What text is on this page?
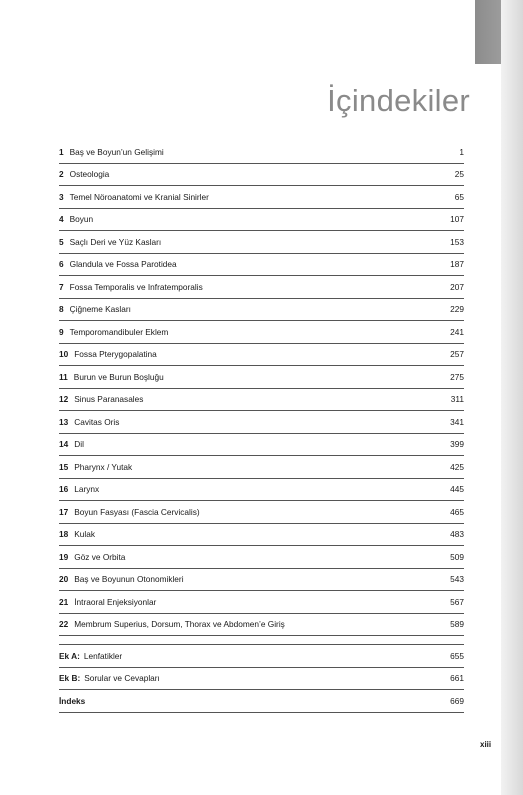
İçindekiler
1 Baş ve Boyun’un Gelişimi	1
2 Osteologia	25
3 Temel Nöroanatomi ve Kranial Sinirler	65
4 Boyun	107
5 Saçlı Deri ve Yüz Kasları	153
6 Glandula ve Fossa Parotidea	187
7 Fossa Temporalis ve Infratemporalis	207
8 Çiğneme Kasları	229
9 Temporomandibuler Eklem	241
10 Fossa Pterygopalatina	257
11 Burun ve Burun Boşluğu	275
12 Sinus Paranasales	311
13 Cavitas Oris	341
14 Dil	399
15 Pharynx / Yutak	425
16 Larynx	445
17 Boyun Fasyası (Fascia Cervicalis)	465
18 Kulak	483
19 Göz ve Orbita	509
20 Baş ve Boyunun Otonomikleri	543
21 İntraoral Enjeksiyonlar	567
22 Membrum Superius, Dorsum, Thorax ve Abdomen’e Giriş	589
Ek A: Lenfatikler	655
Ek B: Sorular ve Cevapları	661
İndeks	669
xiii
